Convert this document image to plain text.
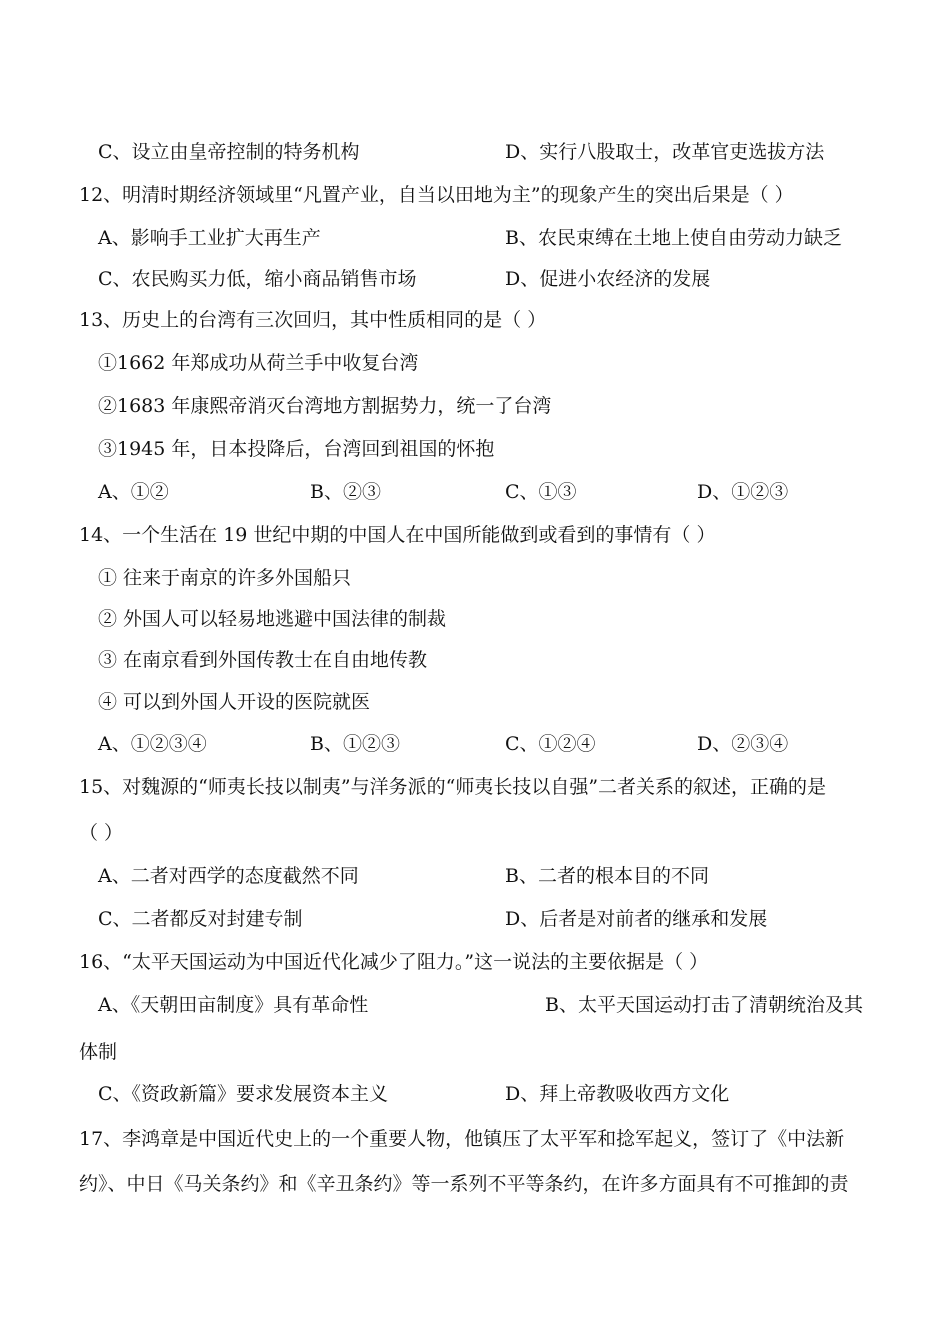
C、设立由皇帝控制的特务机构	D、实行八股取士，改革官吏选拔方法
12、明清时期经济领域里“凡置产业，自当以田地为主”的现象产生的突出后果是（ ）
A、影响手工业扩大再生产	B、农民束缚在土地上使自由劳动力缺乏
C、农民购买力低，缩小商品销售市场	D、促进小农经济的发展
13、历史上的台湾有三次回归，其中性质相同的是（ ）
①1662 年郑成功从荷兰手中收复台湾
②1683 年康熙帝消灭台湾地方割据势力，统一了台湾
③1945 年，日本投降后，台湾回到祖国的怀抱
A、①②	B、②③	C、①③	D、①②③
14、一个生活在 19 世纪中期的中国人在中国所能做到或看到的事情有（ ）
① 往来于南京的许多外国船只
② 外国人可以轻易地逃避中国法律的制裁
③ 在南京看到外国传教士在自由地传教
④ 可以到外国人开设的医院就医
A、①②③④	B、①②③	C、①②④	D、②③④
15、对魏源的“师夷长技以制夷”与洋务派的“师夷长技以自强”二者关系的叙述，正确的是
（ ）
A、二者对西学的态度截然不同	B、二者的根本目的不同
C、二者都反对封建专制	D、后者是对前者的继承和发展
16、“太平天国运动为中国近代化减少了阻力。”这一说法的主要依据是（ ）
A、《天朝田亩制度》具有革命性	B、太平天国运动打击了清朝统治及其
体制
C、《资政新篇》要求发展资本主义	D、拜上帝教吸收西方文化
17、李鸿章是中国近代史上的一个重要人物，他镇压了太平军和捻军起义，签订了《中法新
约》、中日《马关条约》和《辛丑条约》等一系列不平等条约，在许多方面具有不可推卸的责
